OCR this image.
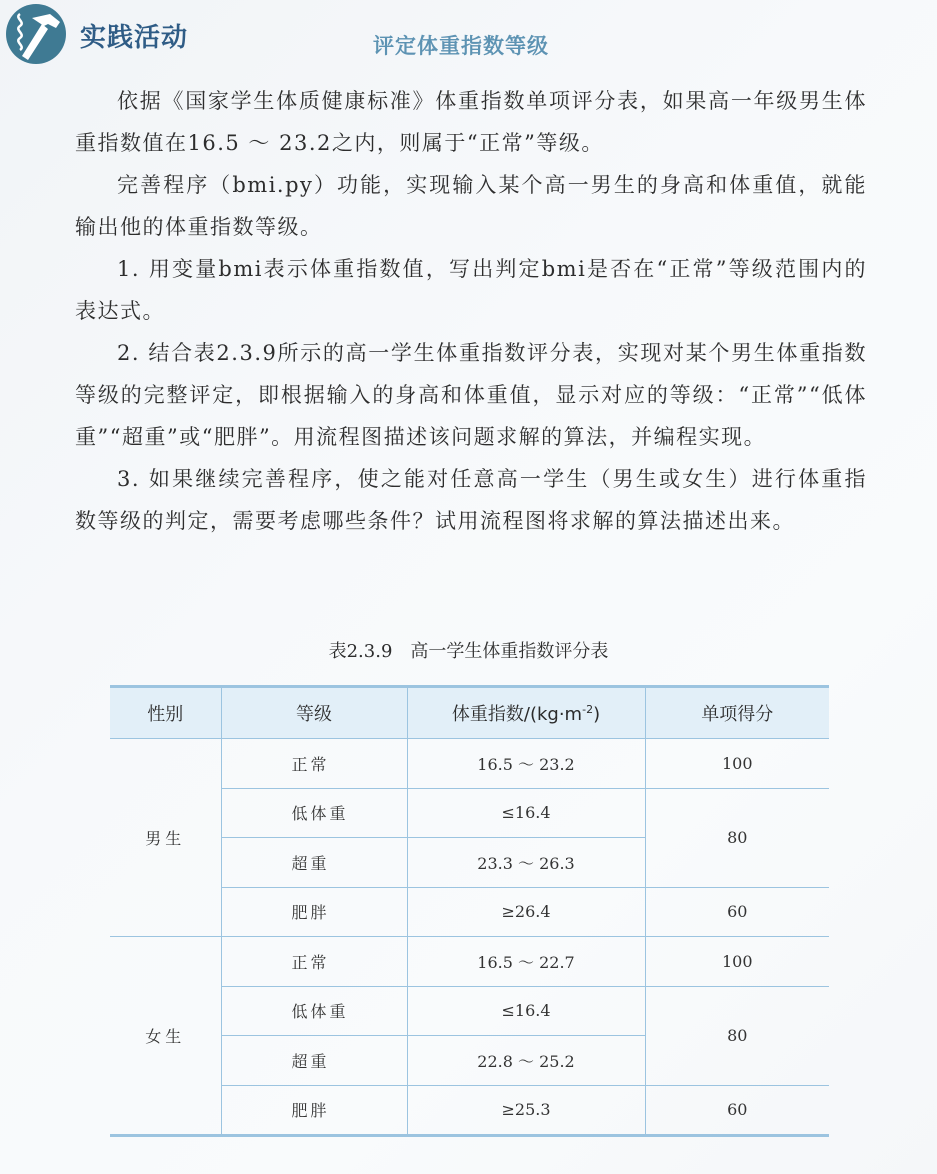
实践活动	评定体重指数等级

依据《国家学生体质健康标准》体重指数单项评分表，如果高一年级男生体重指数值在16.5 ～ 23.2之内，则属于“正常”等级。

完善程序（bmi.py）功能，实现输入某个高一男生的身高和体重值，就能输出他的体重指数等级。

1. 用变量bmi表示体重指数值，写出判定bmi是否在“正常”等级范围内的表达式。

2. 结合表2.3.9所示的高一学生体重指数评分表，实现对某个男生体重指数等级的完整评定，即根据输入的身高和体重值，显示对应的等级：“正常”“低体重”“超重”或“肥胖”。用流程图描述该问题求解的算法，并编程实现。

3. 如果继续完善程序，使之能对任意高一学生（男生或女生）进行体重指数等级的判定，需要考虑哪些条件？试用流程图将求解的算法描述出来。

表2.3.9　高一学生体重指数评分表
性别	等级	体重指数$/(kg\cdot m^{-2})$	单项得分
男生	正常	16.5 ～ 23.2	100
	低体重	≤16.4	80
	超重	23.3 ～ 26.3	
	肥胖	≥26.4	60
女生	正常	16.5 ～ 22.7	100
	低体重	≤16.4	80
	超重	22.8 ～ 25.2	
	肥胖	≥25.3	60
